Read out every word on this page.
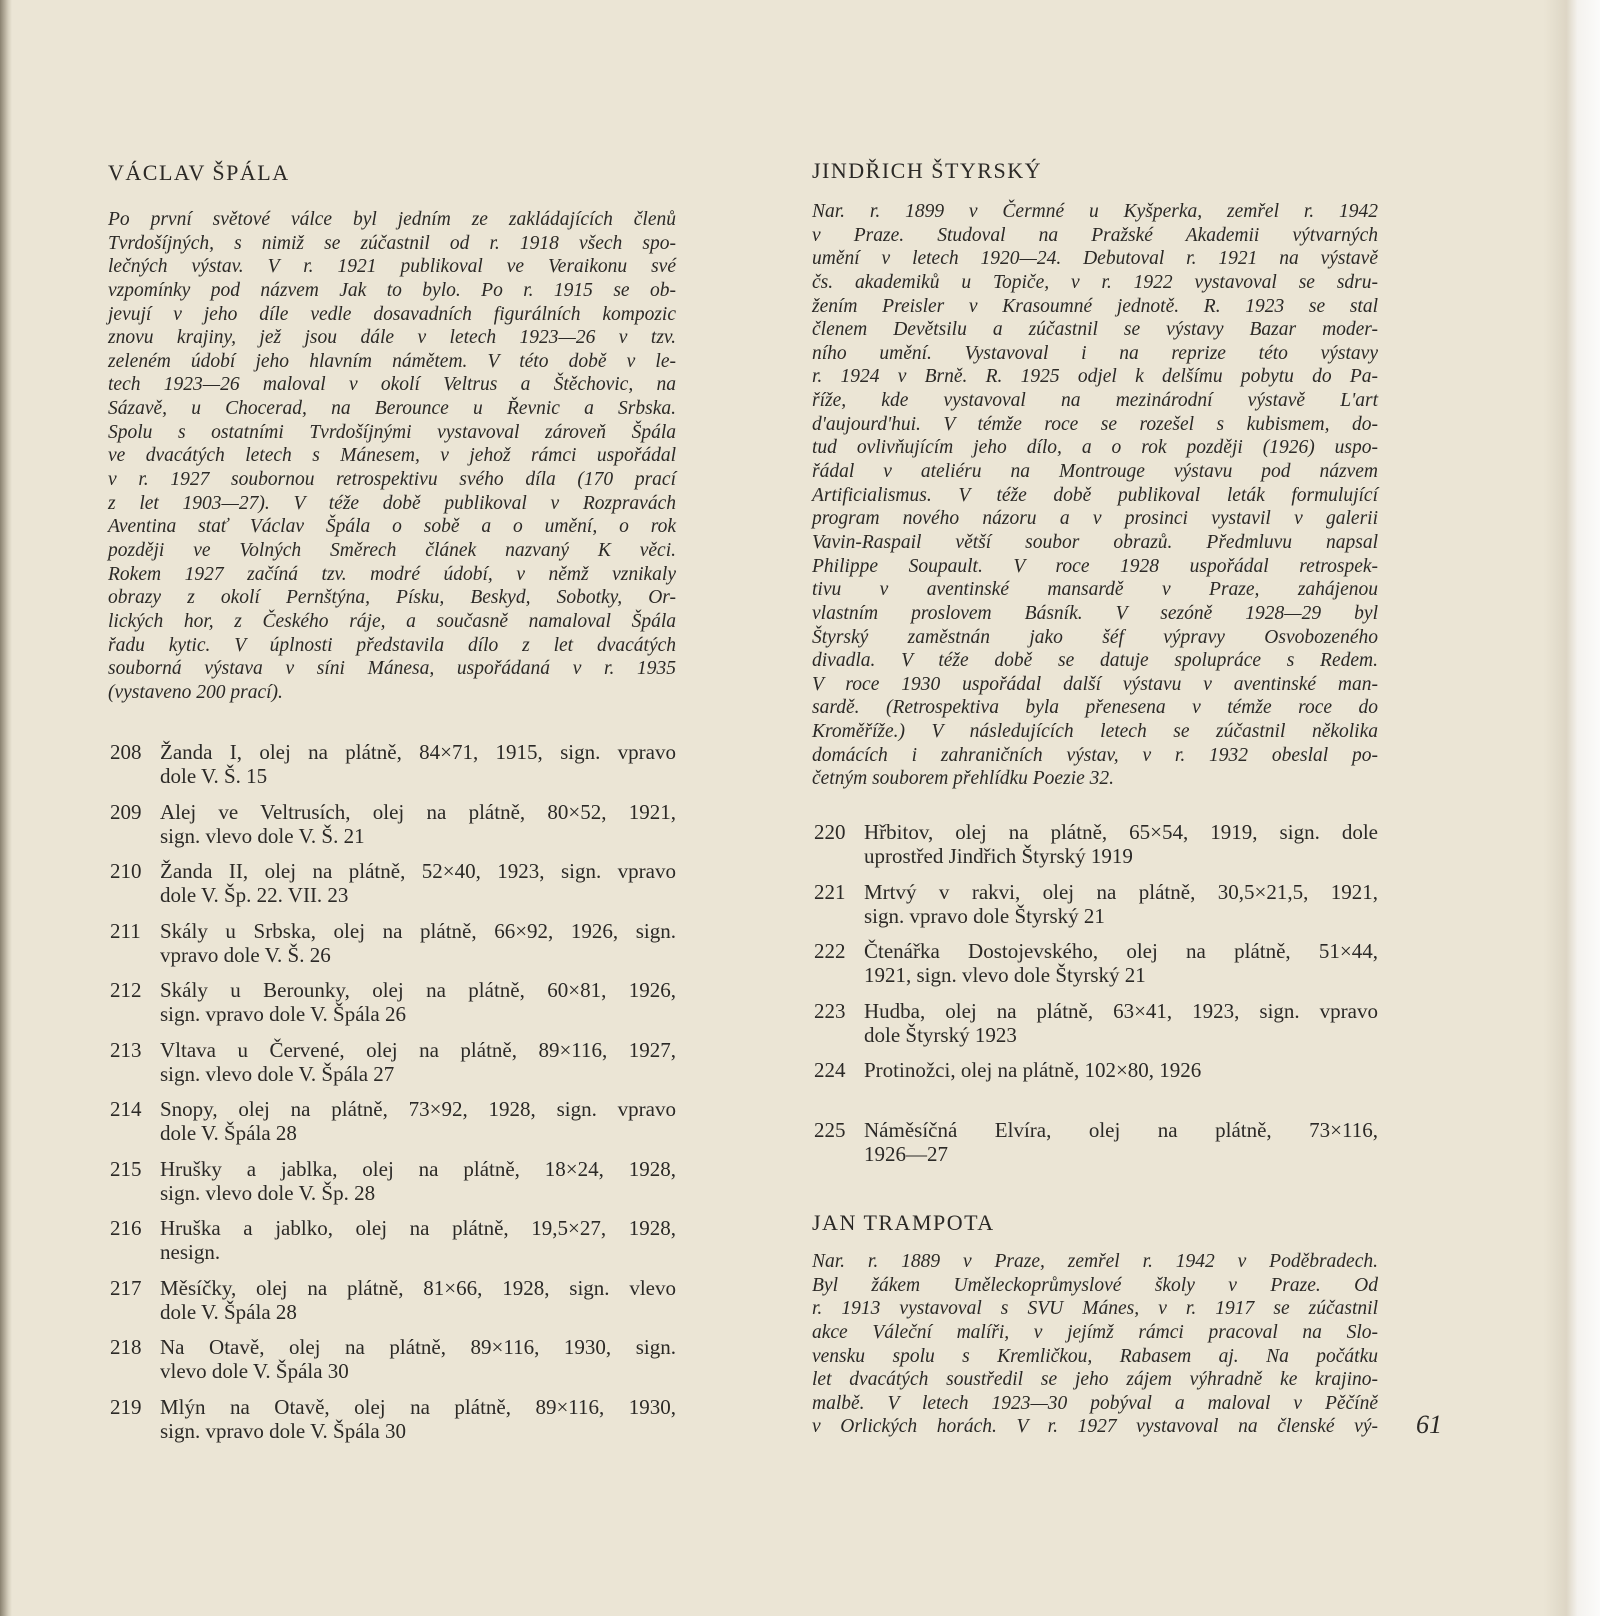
VÁCLAV ŠPÁLA
Po první světové válce byl jedním ze zakládajících členů
Tvrdošíjných, s nimiž se zúčastnil od r. 1918 všech spo-
lečných výstav. V r. 1921 publikoval ve Veraikonu své
vzpomínky pod názvem Jak to bylo. Po r. 1915 se ob-
jevují v jeho díle vedle dosavadních figurálních kompozic
znovu krajiny, jež jsou dále v letech 1923—26 v tzv.
zeleném údobí jeho hlavním námětem. V této době v le-
tech 1923—26 maloval v okolí Veltrus a Štěchovic, na
Sázavě, u Chocerad, na Berounce u Řevnic a Srbska.
Spolu s ostatními Tvrdošíjnými vystavoval zároveň Špála
ve dvacátých letech s Mánesem, v jehož rámci uspořádal
v r. 1927 soubornou retrospektivu svého díla (170 prací
z let 1903—27). V téže době publikoval v Rozpravách
Aventina stať Václav Špála o sobě a o umění, o rok
později ve Volných Směrech článek nazvaný K věci.
Rokem 1927 začíná tzv. modré údobí, v němž vznikaly
obrazy z okolí Pernštýna, Písku, Beskyd, Sobotky, Or-
lických hor, z Českého ráje, a současně namaloval Špála
řadu kytic. V úplnosti představila dílo z let dvacátých
souborná výstava v síni Mánesa, uspořádaná v r. 1935
(vystaveno 200 prací).
208 Žanda I, olej na plátně, 84×71, 1915, sign. vpravo
dole V. Š. 15
209 Alej ve Veltrusích, olej na plátně, 80×52, 1921,
sign. vlevo dole V. Š. 21
210 Žanda II, olej na plátně, 52×40, 1923, sign. vpravo
dole V. Šp. 22. VII. 23
211 Skály u Srbska, olej na plátně, 66×92, 1926, sign.
vpravo dole V. Š. 26
212 Skály u Berounky, olej na plátně, 60×81, 1926,
sign. vpravo dole V. Špála 26
213 Vltava u Červené, olej na plátně, 89×116, 1927,
sign. vlevo dole V. Špála 27
214 Snopy, olej na plátně, 73×92, 1928, sign. vpravo
dole V. Špála 28
215 Hrušky a jablka, olej na plátně, 18×24, 1928,
sign. vlevo dole V. Šp. 28
216 Hruška a jablko, olej na plátně, 19,5×27, 1928,
nesign.
217 Měsíčky, olej na plátně, 81×66, 1928, sign. vlevo
dole V. Špála 28
218 Na Otavě, olej na plátně, 89×116, 1930, sign.
vlevo dole V. Špála 30
219 Mlýn na Otavě, olej na plátně, 89×116, 1930,
sign. vpravo dole V. Špála 30
JINDŘICH ŠTYRSKÝ
Nar. r. 1899 v Čermné u Kyšperka, zemřel r. 1942
v Praze. Studoval na Pražské Akademii výtvarných
umění v letech 1920—24. Debutoval r. 1921 na výstavě
čs. akademiků u Topiče, v r. 1922 vystavoval se sdru-
žením Preisler v Krasoumné jednotě. R. 1923 se stal
členem Devětsilu a zúčastnil se výstavy Bazar moder-
ního umění. Vystavoval i na reprize této výstavy
r. 1924 v Brně. R. 1925 odjel k delšímu pobytu do Pa-
říže, kde vystavoval na mezinárodní výstavě L'art
d'aujourd'hui. V témže roce se rozešel s kubismem, do-
tud ovlivňujícím jeho dílo, a o rok později (1926) uspo-
řádal v ateliéru na Montrouge výstavu pod názvem
Artificialismus. V téže době publikoval leták formulující
program nového názoru a v prosinci vystavil v galerii
Vavin-Raspail větší soubor obrazů. Předmluvu napsal
Philippe Soupault. V roce 1928 uspořádal retrospek-
tivu v aventinské mansardě v Praze, zahájenou
vlastním proslovem Básník. V sezóně 1928—29 byl
Štyrský zaměstnán jako šéf výpravy Osvobozeného
divadla. V téže době se datuje spolupráce s Redem.
V roce 1930 uspořádal další výstavu v aventinské man-
sardě. (Retrospektiva byla přenesena v témže roce do
Kroměříže.) V následujících letech se zúčastnil několika
domácích i zahraničních výstav, v r. 1932 obeslal po-
četným souborem přehlídku Poezie 32.
220 Hřbitov, olej na plátně, 65×54, 1919, sign. dole
uprostřed Jindřich Štyrský 1919
221 Mrtvý v rakvi, olej na plátně, 30,5×21,5, 1921,
sign. vpravo dole Štyrský 21
222 Čtenářka Dostojevského, olej na plátně, 51×44,
1921, sign. vlevo dole Štyrský 21
223 Hudba, olej na plátně, 63×41, 1923, sign. vpravo
dole Štyrský 1923
224 Protinožci, olej na plátně, 102×80, 1926
225 Náměsíčná Elvíra, olej na plátně, 73×116,
1926—27
JAN TRAMPOTA
Nar. r. 1889 v Praze, zemřel r. 1942 v Poděbradech.
Byl žákem Uměleckoprůmyslové školy v Praze. Od
r. 1913 vystavoval s SVU Mánes, v r. 1917 se zúčastnil
akce Váleční malíři, v jejímž rámci pracoval na Slo-
vensku spolu s Kremličkou, Rabasem aj. Na počátku
let dvacátých soustředil se jeho zájem výhradně ke krajino-
malbě. V letech 1923—30 pobýval a maloval v Pěčíně
v Orlických horách. V r. 1927 vystavoval na členské vý- 61
